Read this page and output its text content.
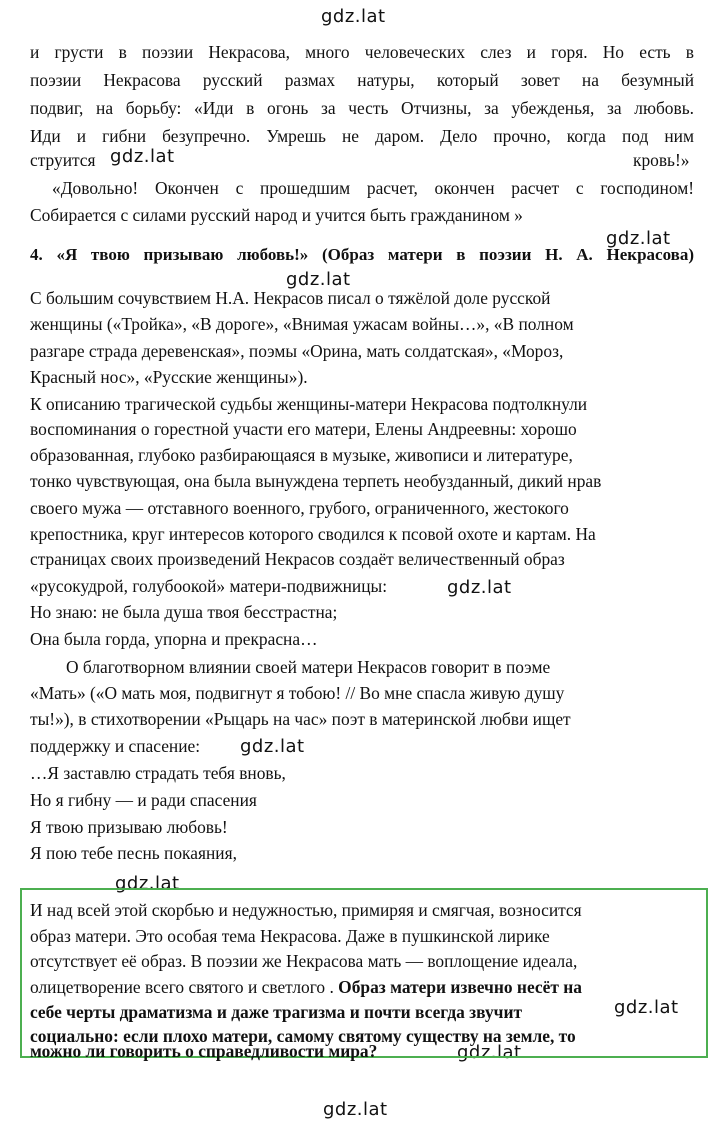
gdz.lat
gdz.lat
gdz.lat
gdz.lat
gdz.lat
gdz.lat
gdz.lat
gdz.lat
gdz.lat
gdz.lat
и грусти в поэзии Некрасова, много человеческих слез и горя. Но есть в
поэзии Некрасова русский размах натуры, который зовет на безумный
подвиг, на борьбу: «Иди в огонь за честь Отчизны, за убежденья, за любовь.
Иди и гибни безупречно. Умрешь не даром. Дело прочно, когда под ним
струится	кровь!»
«Довольно! Окончен с прошедшим расчет, окончен расчет с господином!
Собирается с силами русский народ и учится быть гражданином »
4. «Я твою призываю любовь!» (Образ матери в поэзии Н. А. Некрасова)
С большим сочувствием Н.А. Некрасов писал о тяжёлой доле русской
женщины («Тройка», «В дороге», «Внимая ужасам войны…», «В полном
разгаре страда деревенская», поэмы «Орина, мать солдатская», «Мороз,
Красный нос», «Русские женщины»).
К описанию трагической судьбы женщины-матери Некрасова подтолкнули
воспоминания о горестной участи его матери, Елены Андреевны: хорошо
образованная, глубоко разбирающаяся в музыке, живописи и литературе,
тонко чувствующая, она была вынуждена терпеть необузданный, дикий нрав
своего мужа — отставного военного, грубого, ограниченного, жестокого
крепостника, круг интересов которого сводился к псовой охоте и картам. На
страницах своих произведений Некрасов создаёт величественный образ
«русокудрой, голубоокой» матери-подвижницы:
Но знаю: не была душа твоя бесстрастна;
Она была горда, упорна и прекрасна…
О благотворном влиянии своей матери Некрасов говорит в поэме
«Мать» («О мать моя, подвигнут я тобою! // Во мне спасла живую душу
ты!»), в стихотворении «Рыцарь на час» поэт в материнской любви ищет
поддержку и спасение:
…Я заставлю страдать тебя вновь,
Но я гибну — и ради спасения
Я твою призываю любовь!
Я пою тебе песнь покаяния,
И над всей этой скорбью и недужностью, примиряя и смягчая, возносится
образ матери. Это особая тема Некрасова. Даже в пушкинской лирике
отсутствует её образ. В поэзии же Некрасова мать — воплощение идеала,
олицетворение всего святого и светлого . Образ матери извечно несёт на
себе черты драматизма и даже трагизма и почти всегда звучит
социально: если плохо матери, самому святому существу на земле, то
можно ли говорить о справедливости мира?
